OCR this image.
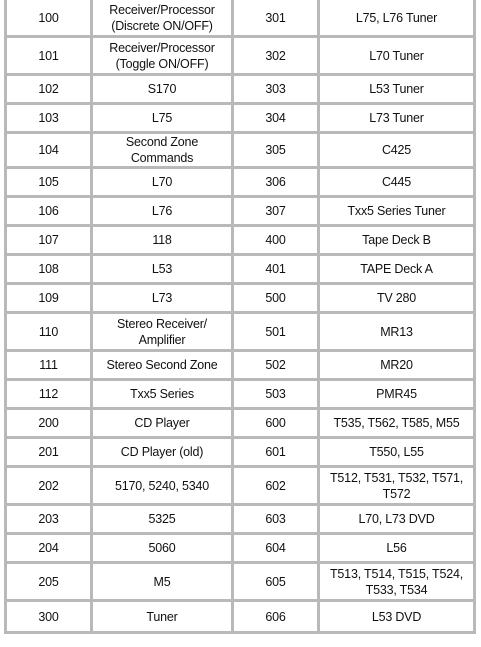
100	Receiver/Processor
(Discrete ON/OFF)	301	L75, L76 Tuner
101	Receiver/Processor
(Toggle ON/OFF)	302	L70 Tuner
102	S170	303	L53 Tuner
103	L75	304	L73 Tuner
104	Second Zone Commands	305	C425
105	L70	306	C445
106	L76	307	Txx5 Series Tuner
107	118	400	Tape Deck B
108	L53	401	TAPE Deck A
109	L73	500	TV 280
110	Stereo Receiver/
Amplifier	501	MR13
111	Stereo Second Zone	502	MR20
112	Txx5 Series	503	PMR45
200	CD Player	600	T535, T562, T585, M55
201	CD Player (old)	601	T550, L55
202	5170, 5240, 5340	602	T512, T531, T532, T571,
T572
203	5325	603	L70, L73 DVD
204	5060	604	L56
205	M5	605	T513, T514, T515, T524,
T533, T534
300	Tuner	606	L53 DVD
